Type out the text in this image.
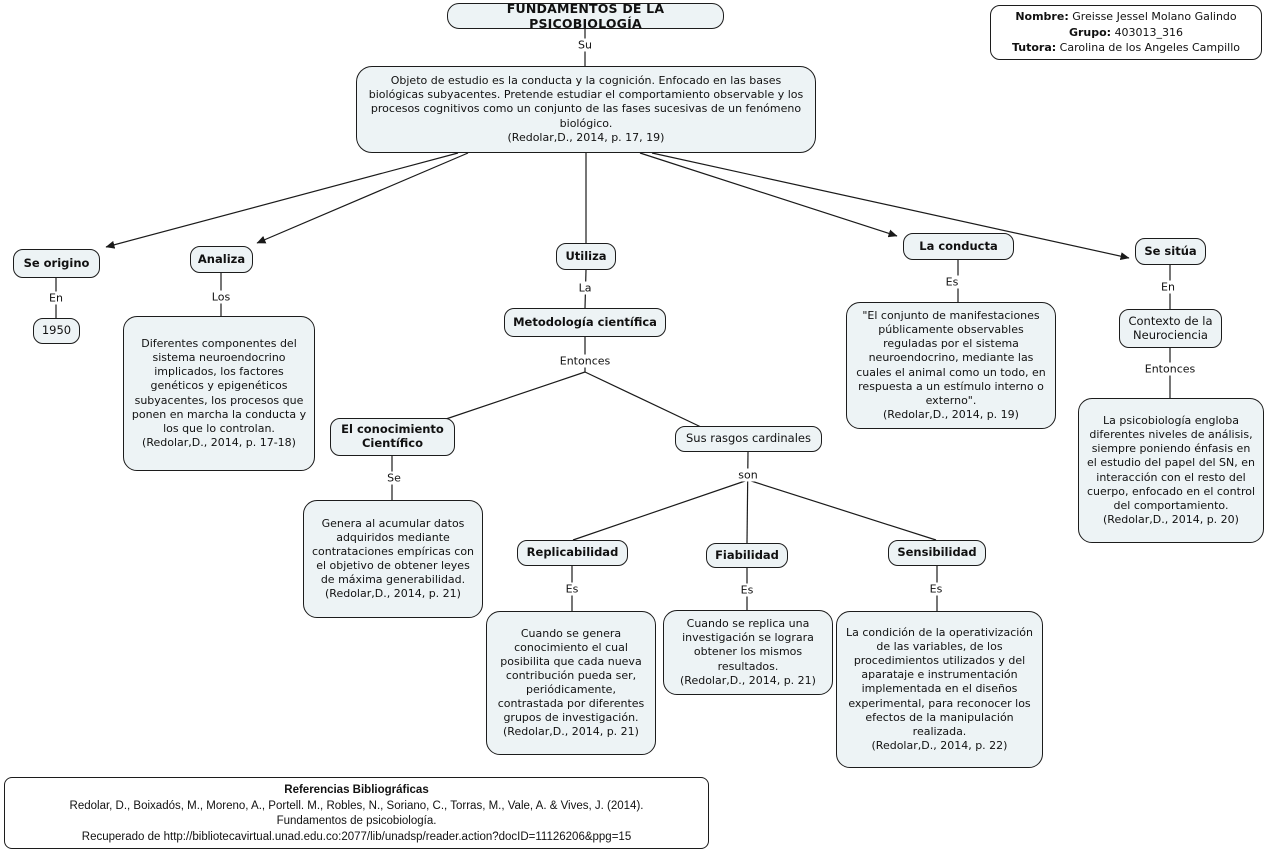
FUNDAMENTOS DE LA PSICOBIOLOGÍA	Nombre: Greisse Jessel Molano Galindo
Grupo: 403013_316
Tutora: Carolina de los Angeles Campillo
Objeto de estudio es la conducta y la cognición. Enfocado en las bases biológicas subyacentes. Pretende estudiar el comportamiento observable y los procesos cognitivos como un conjunto de las fases sucesivas de un fenómeno biológico.
(Redolar,D., 2014, p. 17, 19)
Se origino
1950
Analiza
Diferentes componentes del sistema neuroendocrino implicados, los factores genéticos y epigenéticos subyacentes, los procesos que ponen en marcha la conducta y los que lo controlan.
(Redolar,D., 2014, p. 17-18)
Utiliza
Metodología científica
El conocimiento Científico
Genera al acumular datos adquiridos mediante contrataciones empíricas con el objetivo de obtener leyes de máxima generabilidad.
(Redolar,D., 2014, p. 21)
Sus rasgos cardinales
Replicabilidad
Cuando se genera conocimiento el cual posibilita que cada nueva contribución pueda ser, periódicamente, contrastada por diferentes grupos de investigación.
(Redolar,D., 2014, p. 21)
Fiabilidad
Cuando se replica una investigación se lograra obtener los mismos resultados.
(Redolar,D., 2014, p. 21)
Sensibilidad
La condición de la operativización de las variables, de los procedimientos utilizados y del aparataje e instrumentación implementada en el diseños experimental, para reconocer los efectos de la manipulación realizada.
(Redolar,D., 2014, p. 22)
La conducta
"El conjunto de manifestaciones públicamente observables reguladas por el sistema neuroendocrino, mediante las cuales el animal como un todo, en respuesta a un estímulo interno o externo".
(Redolar,D., 2014, p. 19)
Se sitúa
Contexto de la Neurociencia
La psicobiología engloba diferentes niveles de análisis, siempre poniendo énfasis en el estudio del papel del SN, en interacción con el resto del cuerpo, enfocado en el control del comportamiento.
(Redolar,D., 2014, p. 20)
Su
En	Los
La
Entonces
Se	son
Es	Es	Es
Es	En
Entonces
Referencias Bibliográficas
Redolar, D., Boixadós, M., Moreno, A., Portell. M., Robles, N., Soriano, C., Torras, M., Vale, A. & Vives, J. (2014).
Fundamentos de psicobiología.
Recuperado de http://bibliotecavirtual.unad.edu.co:2077/lib/unadsp/reader.action?docID=11126206&ppg=15
